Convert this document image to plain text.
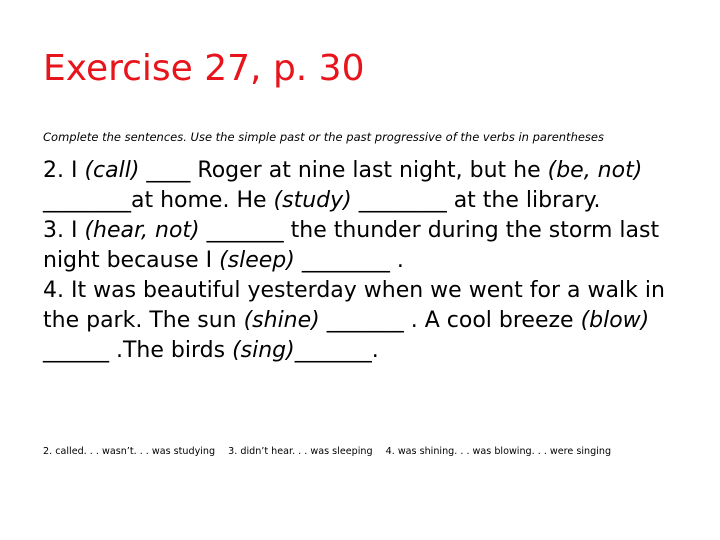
Exercise 27, p. 30
Complete the sentences. Use the simple past or the past progressive of the verbs in parentheses

2. I (call) ____ Roger at nine last night, but he (be, not) ________at home. He (study) ________ at the library.

3. I (hear, not) _______ the thunder during the storm last night because I (sleep) ________ .

4. It was beautiful yesterday when we went for a walk in the park. The sun (shine) _______ . A cool breeze (blow) ______ .The birds (sing)_______.

2. called. . . wasn’t. . . was studying 3. didn’t hear. . . was sleeping 4. was shining. . . was blowing. . . were singing
